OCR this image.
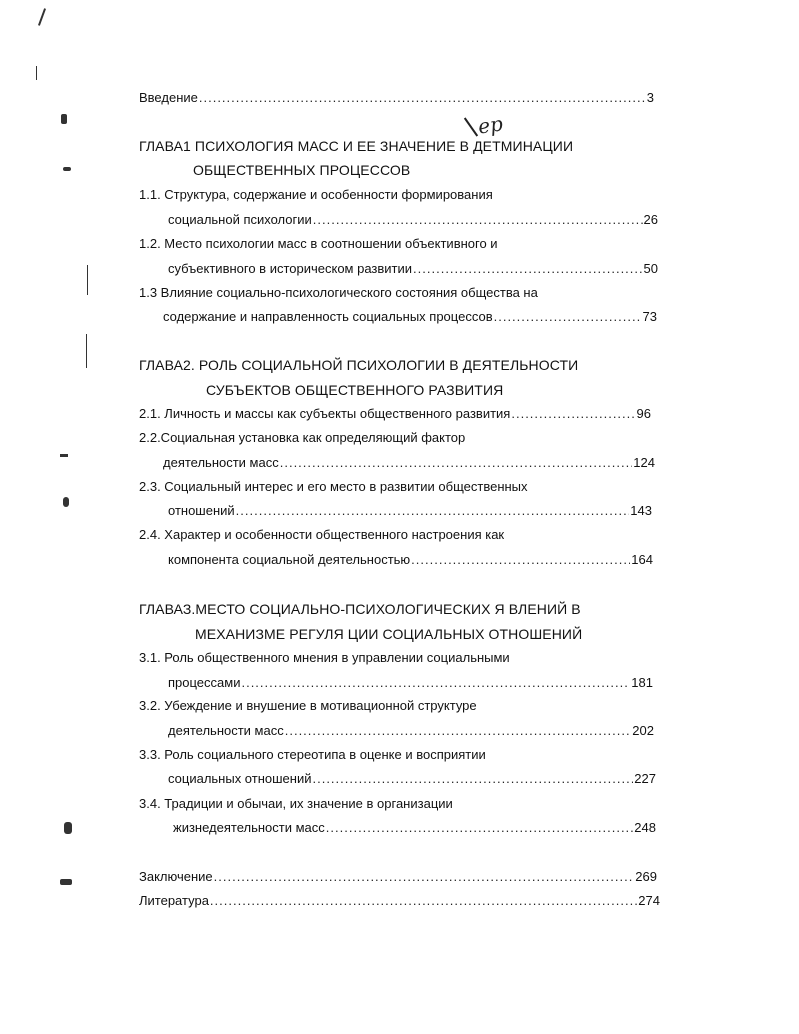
ер
Введение .....	3
ГЛАВА1 ПСИХОЛОГИЯ МАСС И ЕЕ ЗНАЧЕНИЕ В ДЕТМИНАЦИИ
ОБЩЕСТВЕННЫХ ПРОЦЕССОВ
1.1. Структура, содержание и особенности формирования
социальной психологии .....	26
1.2. Место психологии масс в соотношении объективного и
субъективного в историческом развитии .....	50
1.3 Влияние социально-психологического состояния общества на
содержание и направленность социальных процессов .....	73
ГЛАВА2. РОЛЬ СОЦИАЛЬНОЙ ПСИХОЛОГИИ В ДЕЯТЕЛЬНОСТИ
СУБЪЕКТОВ ОБЩЕСТВЕННОГО РАЗВИТИЯ
2.1. Личность и массы как субъекты общественного развития .....	96
2.2.Социальная установка как определяющий фактор
деятельности масс .....	124
2.3. Социальный интерес и его место в развитии общественных
отношений .....	143
2.4. Характер и особенности общественного настроения как
компонента социальной деятельностью .....	164
ГЛАВАЗ.МЕСТО СОЦИАЛЬНО-ПСИХОЛОГИЧЕСКИХ Я ВЛЕНИЙ В
МЕХАНИЗМЕ РЕГУЛЯ ЦИИ СОЦИАЛЬНЫХ ОТНОШЕНИЙ
3.1. Роль общественного мнения в управлении социальными
процессами .....	181
3.2. Убеждение и внушение в мотивационной структуре
деятельности масс .....	202
3.3. Роль социального стереотипа в оценке и восприятии
социальных отношений .....	227
3.4. Традиции и обычаи, их значение в организации
жизнедеятельности масс .....	248
Заключение .....	269
Литература .....	274
